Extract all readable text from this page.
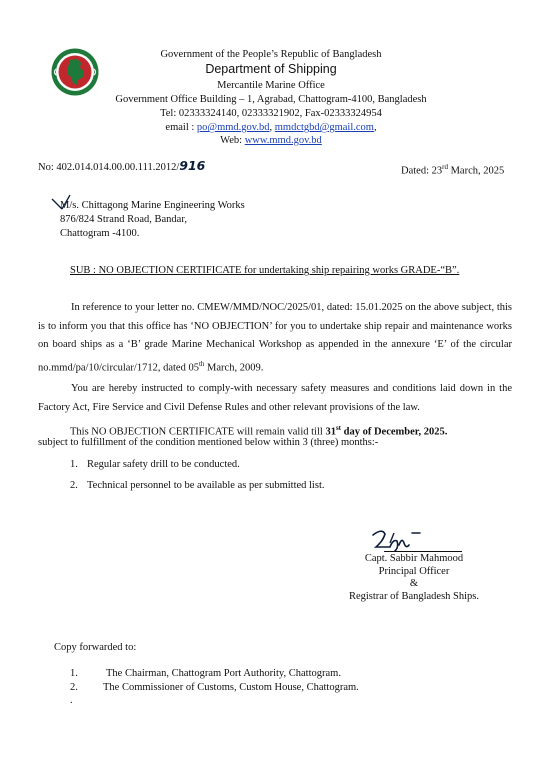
Government of the People’s Republic of Bangladesh
Department of Shipping
Mercantile Marine Office
Government Office Building – 1, Agrabad, Chattogram-4100, Bangladesh
Tel: 02333324140, 02333321902, Fax-02333324954
email : po@mmd.gov.bd, mmdctgbd@gmail.com,
Web: www.mmd.gov.bd
No: 402.014.014.00.00.111.2012/916	Dated: 23rd March, 2025
M/s. Chittagong Marine Engineering Works
876/824 Strand Road, Bandar,
Chattogram -4100.
SUB : NO OBJECTION CERTIFICATE for undertaking ship repairing works GRADE-“B”.

In reference to your letter no. CMEW/MMD/NOC/2025/01, dated: 15.01.2025 on the above subject, this is to inform you that this office has ‘NO OBJECTION’ for you to undertake ship repair and maintenance works on board ships as a ‘B’ grade Marine Mechanical Workshop as appended in the annexure ‘E’ of the circular no.mmd/pa/10/circular/1712, dated 05th March, 2009.

You are hereby instructed to comply-with necessary safety measures and conditions laid down in the Factory Act, Fire Service and Civil Defense Rules and other relevant provisions of the law.

This NO OBJECTION CERTIFICATE will remain valid till 31st day of December, 2025.
subject to fulfillment of the condition mentioned below within 3 (three) months:-
1. Regular safety drill to be conducted.
2. Technical personnel to be available as per submitted list.
Capt. Sabbir Mahmood
Principal Officer
&
Registrar of Bangladesh Ships.
Copy forwarded to:
1.	The Chairman, Chattogram Port Authority, Chattogram.
2. The Commissioner of Customs, Custom House, Chattogram.
.
